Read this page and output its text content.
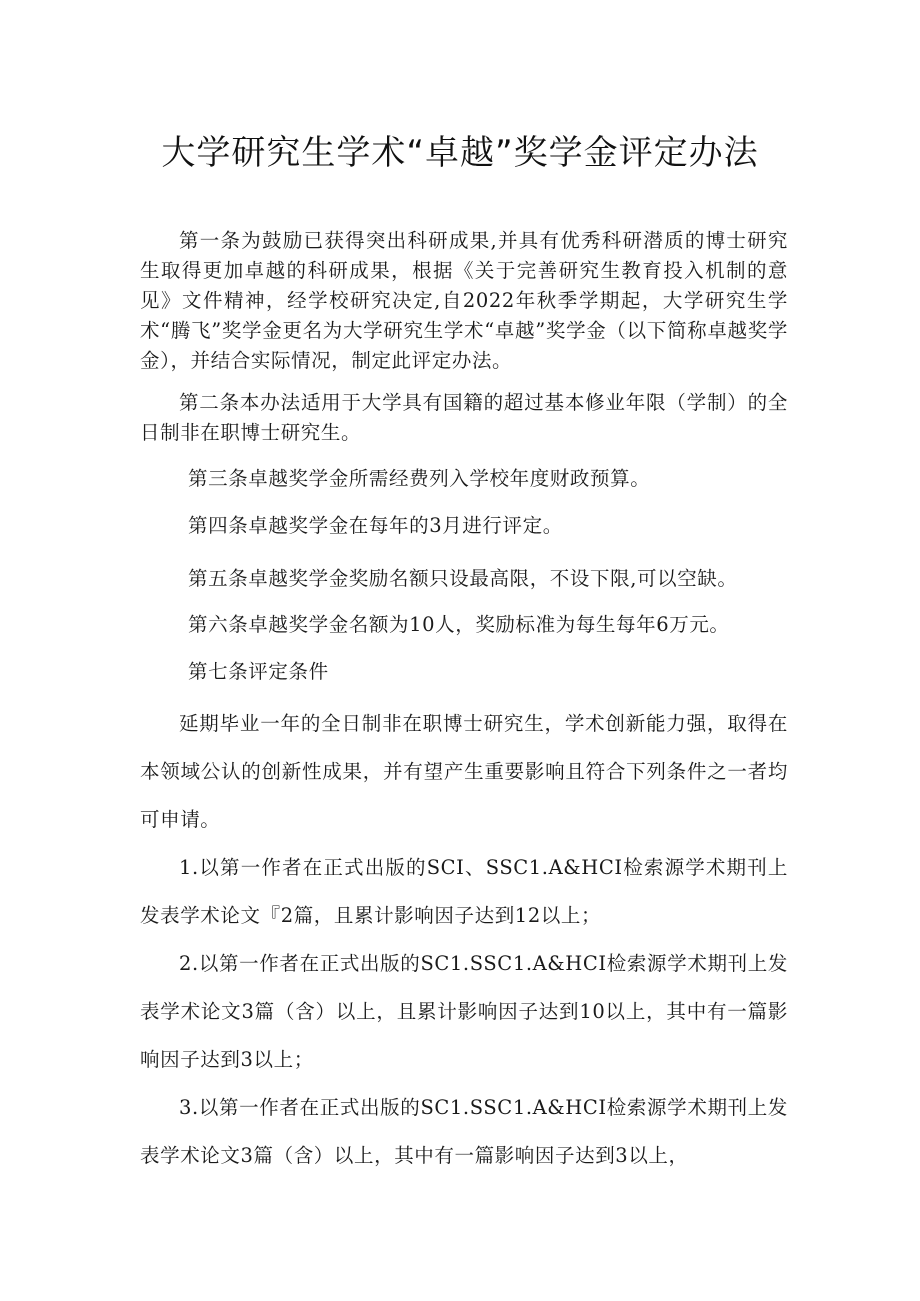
大学研究生学术“卓越”奖学金评定办法
第一条为鼓励已获得突出科研成果,并具有优秀科研潜质的博士研究生取得更加卓越的科研成果，根据《关于完善研究生教育投入机制的意见》文件精神，经学校研究决定,自2022年秋季学期起，大学研究生学术“腾飞”奖学金更名为大学研究生学术“卓越”奖学金（以下简称卓越奖学金），并结合实际情况，制定此评定办法。
第二条本办法适用于大学具有国籍的超过基本修业年限（学制）的全日制非在职博士研究生。
第三条卓越奖学金所需经费列入学校年度财政预算。
第四条卓越奖学金在每年的3月进行评定。
第五条卓越奖学金奖励名额只设最高限，不设下限,可以空缺。
第六条卓越奖学金名额为10人，奖励标准为每生每年6万元。
第七条评定条件
延期毕业一年的全日制非在职博士研究生，学术创新能力强，取得在本领域公认的创新性成果，并有望产生重要影响且符合下列条件之一者均可申请。
1.以第一作者在正式出版的SCI、SSC1.A&HCI检索源学术期刊上发表学术论文『2篇，且累计影响因子达到12以上；
2.以第一作者在正式出版的SC1.SSC1.A&HCI检索源学术期刊上发表学术论文3篇（含）以上，且累计影响因子达到10以上，其中有一篇影响因子达到3以上；
3.以第一作者在正式出版的SC1.SSC1.A&HCI检索源学术期刊上发表学术论文3篇（含）以上，其中有一篇影响因子达到3以上，
